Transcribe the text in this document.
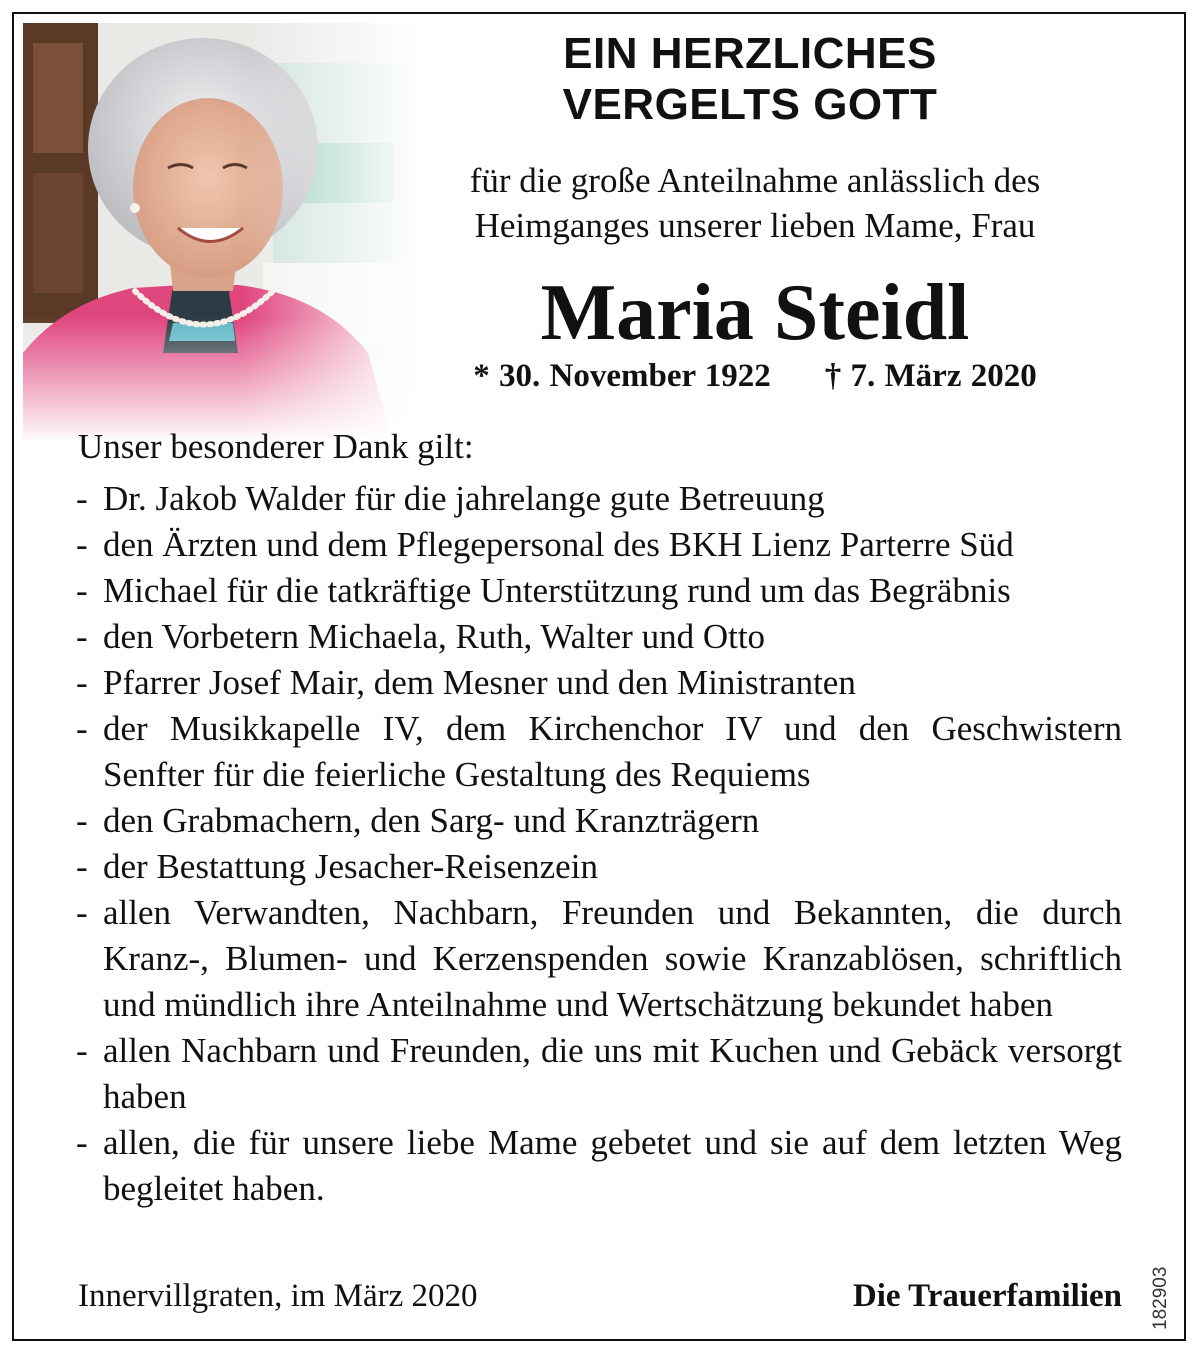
EIN HERZLICHES
VERGELTS GOTT
für die große Anteilnahme anlässlich des
Heimganges unserer lieben Mame, Frau
Maria Steidl
* 30. November 1922 † 7. März 2020
Unser besonderer Dank gilt:
- Dr. Jakob Walder für die jahrelange gute Betreuung
- den Ärzten und dem Pflegepersonal des BKH Lienz Parterre Süd
- Michael für die tatkräftige Unterstützung rund um das Begräbnis
- den Vorbetern Michaela, Ruth, Walter und Otto
- Pfarrer Josef Mair, dem Mesner und den Ministranten
- der Musikkapelle IV, dem Kirchenchor IV und den Geschwistern Senfter für die feierliche Gestaltung des Requiems
- den Grabmachern, den Sarg- und Kranzträgern
- der Bestattung Jesacher-Reisenzein
- allen Verwandten, Nachbarn, Freunden und Bekannten, die durch Kranz-, Blumen- und Kerzenspenden sowie Kranzablösen, schriftlich und mündlich ihre Anteilnahme und Wertschätzung bekundet haben
- allen Nachbarn und Freunden, die uns mit Kuchen und Gebäck versorgt haben
- allen, die für unsere liebe Mame gebetet und sie auf dem letzten Weg begleitet haben.
Innervillgraten, im März 2020	Die Trauerfamilien 182903
